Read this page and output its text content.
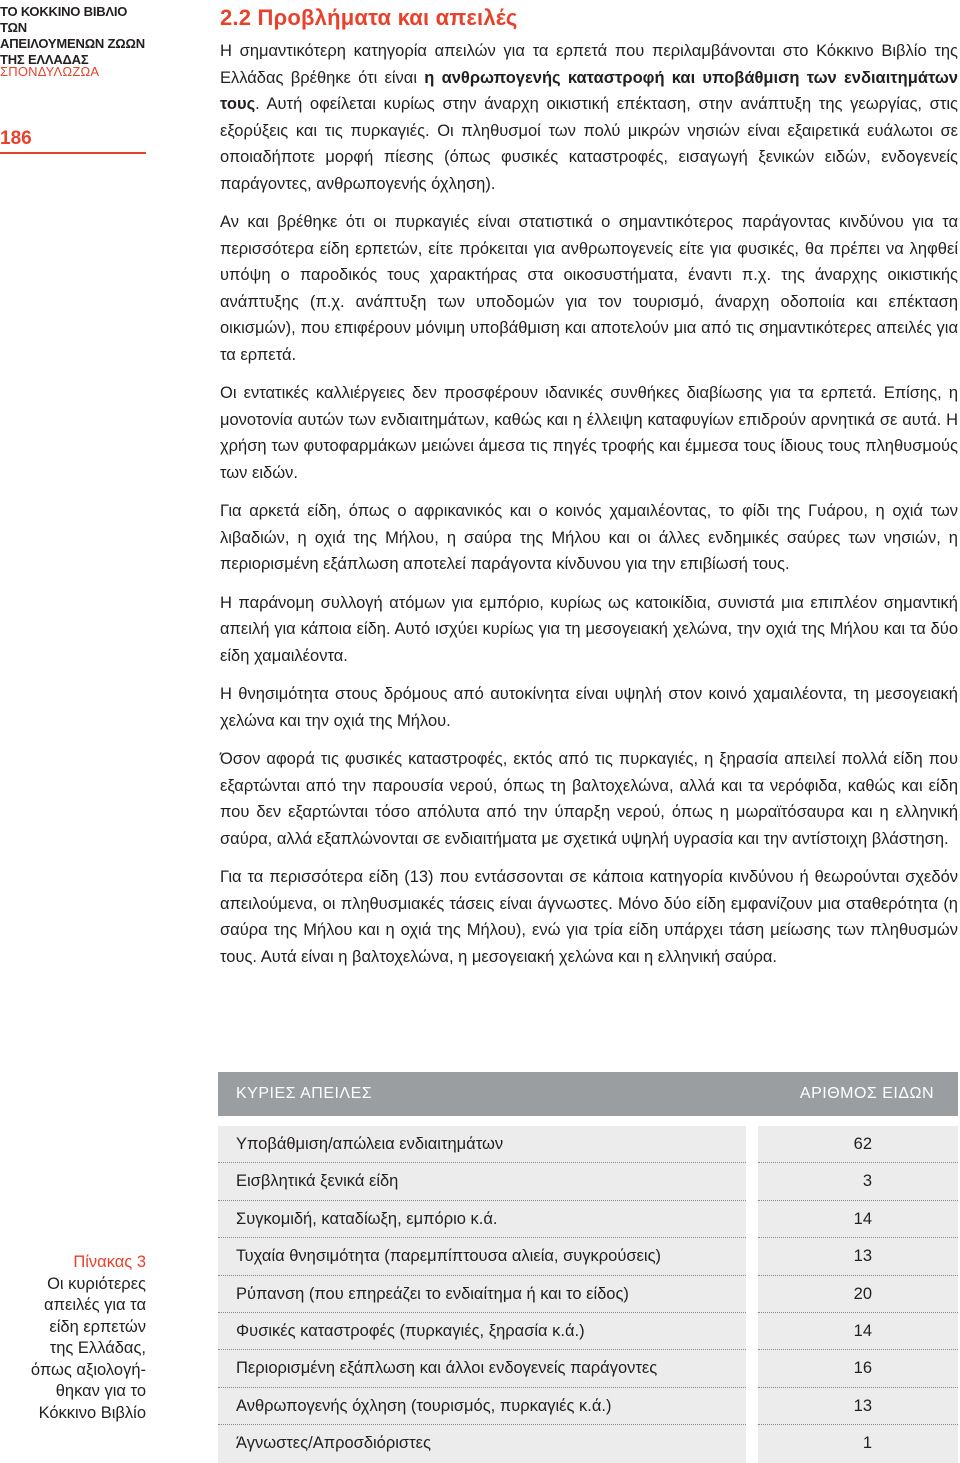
ΤΟ ΚΟΚΚΙΝΟ ΒΙΒΛΙΟ ΤΩΝ
ΑΠΕΙΛΟΥΜΕΝΩΝ ΖΩΩΝ
ΤΗΣ ΕΛΛΑΔΑΣ
ΣΠΟΝΔΥΛΩΖΩΑ
186
Πίνακας 3
Οι κυριότερες
απειλές για τα
είδη ερπετών
της Ελλάδας,
όπως αξιολογή-
θηκαν για το
Κόκκινο Βιβλίο
2.2 Προβλήματα και απειλές

Η σημαντικότερη κατηγορία απειλών για τα ερπετά που περιλαμβάνονται στο Κόκκινο Βιβλίο της Ελλάδας βρέθηκε ότι είναι η ανθρωπογενής καταστροφή και υποβάθμιση των ενδιαιτημάτων τους. Αυτή οφείλεται κυρίως στην άναρχη οικιστική επέκταση, στην ανάπτυξη της γεωργίας, στις εξορύξεις και τις πυρκαγιές. Οι πληθυσμοί των πολύ μικρών νησιών είναι εξαιρετικά ευάλωτοι σε οποιαδήποτε μορφή πίεσης (όπως φυσικές καταστροφές, εισαγωγή ξενικών ειδών, ενδογενείς παράγοντες, ανθρωπογενής όχληση).

Αν και βρέθηκε ότι οι πυρκαγιές είναι στατιστικά ο σημαντικότερος παράγοντας κινδύνου για τα περισσότερα είδη ερπετών, είτε πρόκειται για ανθρωπογενείς είτε για φυσικές, θα πρέπει να ληφθεί υπόψη ο παροδικός τους χαρακτήρας στα οικοσυστήματα, έναντι π.χ. της άναρχης οικιστικής ανάπτυξης (π.χ. ανάπτυξη των υποδομών για τον τουρισμό, άναρχη οδοποιία και επέκταση οικισμών), που επιφέρουν μόνιμη υποβάθμιση και αποτελούν μια από τις σημαντικότερες απειλές για τα ερπετά.

Οι εντατικές καλλιέργειες δεν προσφέρουν ιδανικές συνθήκες διαβίωσης για τα ερπετά. Επίσης, η μονοτονία αυτών των ενδιαιτημάτων, καθώς και η έλλειψη καταφυγίων επιδρούν αρνητικά σε αυτά. Η χρήση των φυτοφαρμάκων μειώνει άμεσα τις πηγές τροφής και έμμεσα τους ίδιους τους πληθυσμούς των ειδών.

Για αρκετά είδη, όπως ο αφρικανικός και ο κοινός χαμαιλέοντας, το φίδι της Γυάρου, η οχιά των λιβαδιών, η οχιά της Μήλου, η σαύρα της Μήλου και οι άλλες ενδημικές σαύρες των νησιών, η περιορισμένη εξάπλωση αποτελεί παράγοντα κίνδυνου για την επιβίωσή τους.

Η παράνομη συλλογή ατόμων για εμπόριο, κυρίως ως κατοικίδια, συνιστά μια επιπλέον σημαντική απειλή για κάποια είδη. Αυτό ισχύει κυρίως για τη μεσογειακή χελώνα, την οχιά της Μήλου και τα δύο είδη χαμαιλέοντα.

Η θνησιμότητα στους δρόμους από αυτοκίνητα είναι υψηλή στον κοινό χαμαιλέοντα, τη μεσογειακή χελώνα και την οχιά της Μήλου.

Όσον αφορά τις φυσικές καταστροφές, εκτός από τις πυρκαγιές, η ξηρασία απειλεί πολλά είδη που εξαρτώνται από την παρουσία νερού, όπως τη βαλτοχελώνα, αλλά και τα νερόφιδα, καθώς και είδη που δεν εξαρτώνται τόσο απόλυτα από την ύπαρξη νερού, όπως η μωραϊτόσαυρα και η ελληνική σαύρα, αλλά εξαπλώνονται σε ενδιαιτήματα με σχετικά υψηλή υγρασία και την αντίστοιχη βλάστηση.

Για τα περισσότερα είδη (13) που εντάσσονται σε κάποια κατηγορία κινδύνου ή θεωρούνται σχεδόν απειλούμενα, οι πληθυσμιακές τάσεις είναι άγνωστες. Μόνο δύο είδη εμφανίζουν μια σταθερότητα (η σαύρα της Μήλου και η οχιά της Μήλου), ενώ για τρία είδη υπάρχει τάση μείωσης των πληθυσμών τους. Αυτά είναι η βαλτοχελώνα, η μεσογειακή χελώνα και η ελληνική σαύρα.

ΚΥΡΙΕΣ ΑΠΕΙΛΕΣ	ΑΡΙΘΜΟΣ ΕΙΔΩΝ
Υποβάθμιση/απώλεια ενδιαιτημάτων	62
Εισβλητικά ξενικά είδη	3
Συγκομιδή, καταδίωξη, εμπόριο κ.ά.	14
Τυχαία θνησιμότητα (παρεμπίπτουσα αλιεία, συγκρούσεις)	13
Ρύπανση (που επηρεάζει το ενδιαίτημα ή και το είδος)	20
Φυσικές καταστροφές (πυρκαγιές, ξηρασία κ.ά.)	14
Περιορισμένη εξάπλωση και άλλοι ενδογενείς παράγοντες	16
Ανθρωπογενής όχληση (τουρισμός, πυρκαγιές κ.ά.)	13
Άγνωστες/Απροσδιόριστες	1
